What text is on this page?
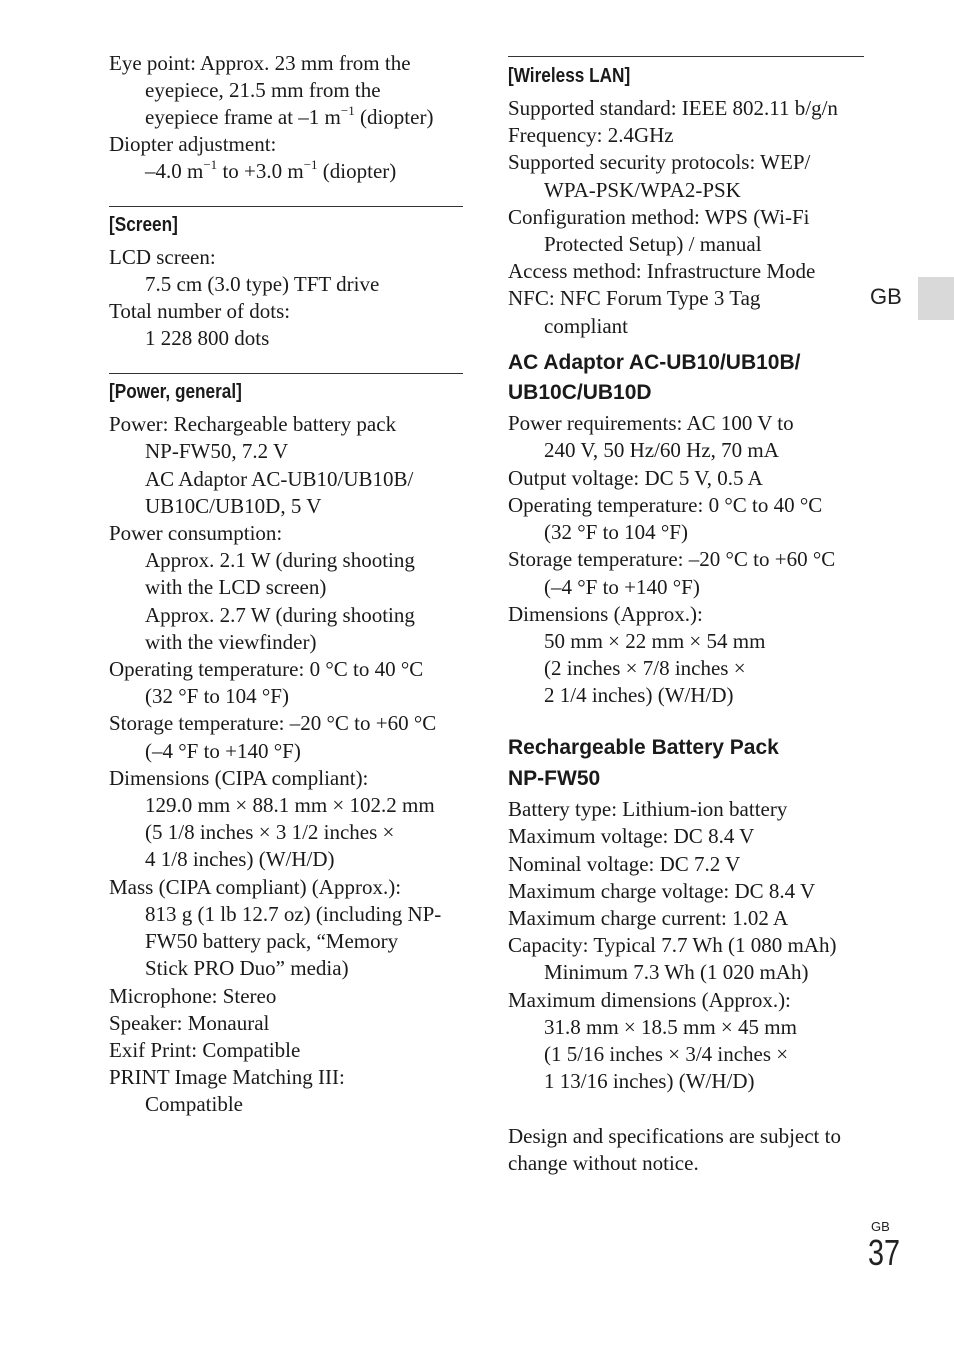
Eye point: Approx. 23 mm from the
eyepiece, 21.5 mm from the
eyepiece frame at –1 $m^{-1}$ (diopter)
Diopter adjustment:
–4.0 $m^{-1}$ to +3.0 $m^{-1}$ (diopter)
[Screen]
LCD screen:
7.5 cm (3.0 type) TFT drive
Total number of dots:
1 228 800 dots
[Power, general]
Power: Rechargeable battery pack
NP-FW50, 7.2 V
AC Adaptor AC-UB10/UB10B/
UB10C/UB10D, 5 V
Power consumption:
Approx. 2.1 W (during shooting
with the LCD screen)
Approx. 2.7 W (during shooting
with the viewfinder)
Operating temperature: 0 °C to 40 °C
(32 °F to 104 °F)
Storage temperature: –20 °C to +60 °C
(–4 °F to +140 °F)
Dimensions (CIPA compliant):
129.0 mm × 88.1 mm × 102.2 mm
(5 1/8 inches × 3 1/2 inches ×
4 1/8 inches) (W/H/D)
Mass (CIPA compliant) (Approx.):
813 g (1 lb 12.7 oz) (including NP-
FW50 battery pack, “Memory
Stick PRO Duo” media)
Microphone: Stereo
Speaker: Monaural
Exif Print: Compatible
PRINT Image Matching III:
Compatible
[Wireless LAN]
Supported standard: IEEE 802.11 b/g/n
Frequency: 2.4GHz
Supported security protocols: WEP/
WPA-PSK/WPA2-PSK
Configuration method: WPS (Wi-Fi
Protected Setup) / manual
Access method: Infrastructure Mode
NFC: NFC Forum Type 3 Tag
compliant
AC Adaptor AC-UB10/UB10B/
UB10C/UB10D
Power requirements: AC 100 V to
240 V, 50 Hz/60 Hz, 70 mA
Output voltage: DC 5 V, 0.5 A
Operating temperature: 0 °C to 40 °C
(32 °F to 104 °F)
Storage temperature: –20 °C to +60 °C
(–4 °F to +140 °F)
Dimensions (Approx.):
50 mm × 22 mm × 54 mm
(2 inches × 7/8 inches ×
2 1/4 inches) (W/H/D)
Rechargeable Battery Pack
NP-FW50
Battery type: Lithium-ion battery
Maximum voltage: DC 8.4 V
Nominal voltage: DC 7.2 V
Maximum charge voltage: DC 8.4 V
Maximum charge current: 1.02 A
Capacity: Typical 7.7 Wh (1 080 mAh)
Minimum 7.3 Wh (1 020 mAh)
Maximum dimensions (Approx.):
31.8 mm × 18.5 mm × 45 mm
(1 5/16 inches × 3/4 inches ×
1 13/16 inches) (W/H/D)
Design and specifications are subject to
change without notice.
GB
GB
37
